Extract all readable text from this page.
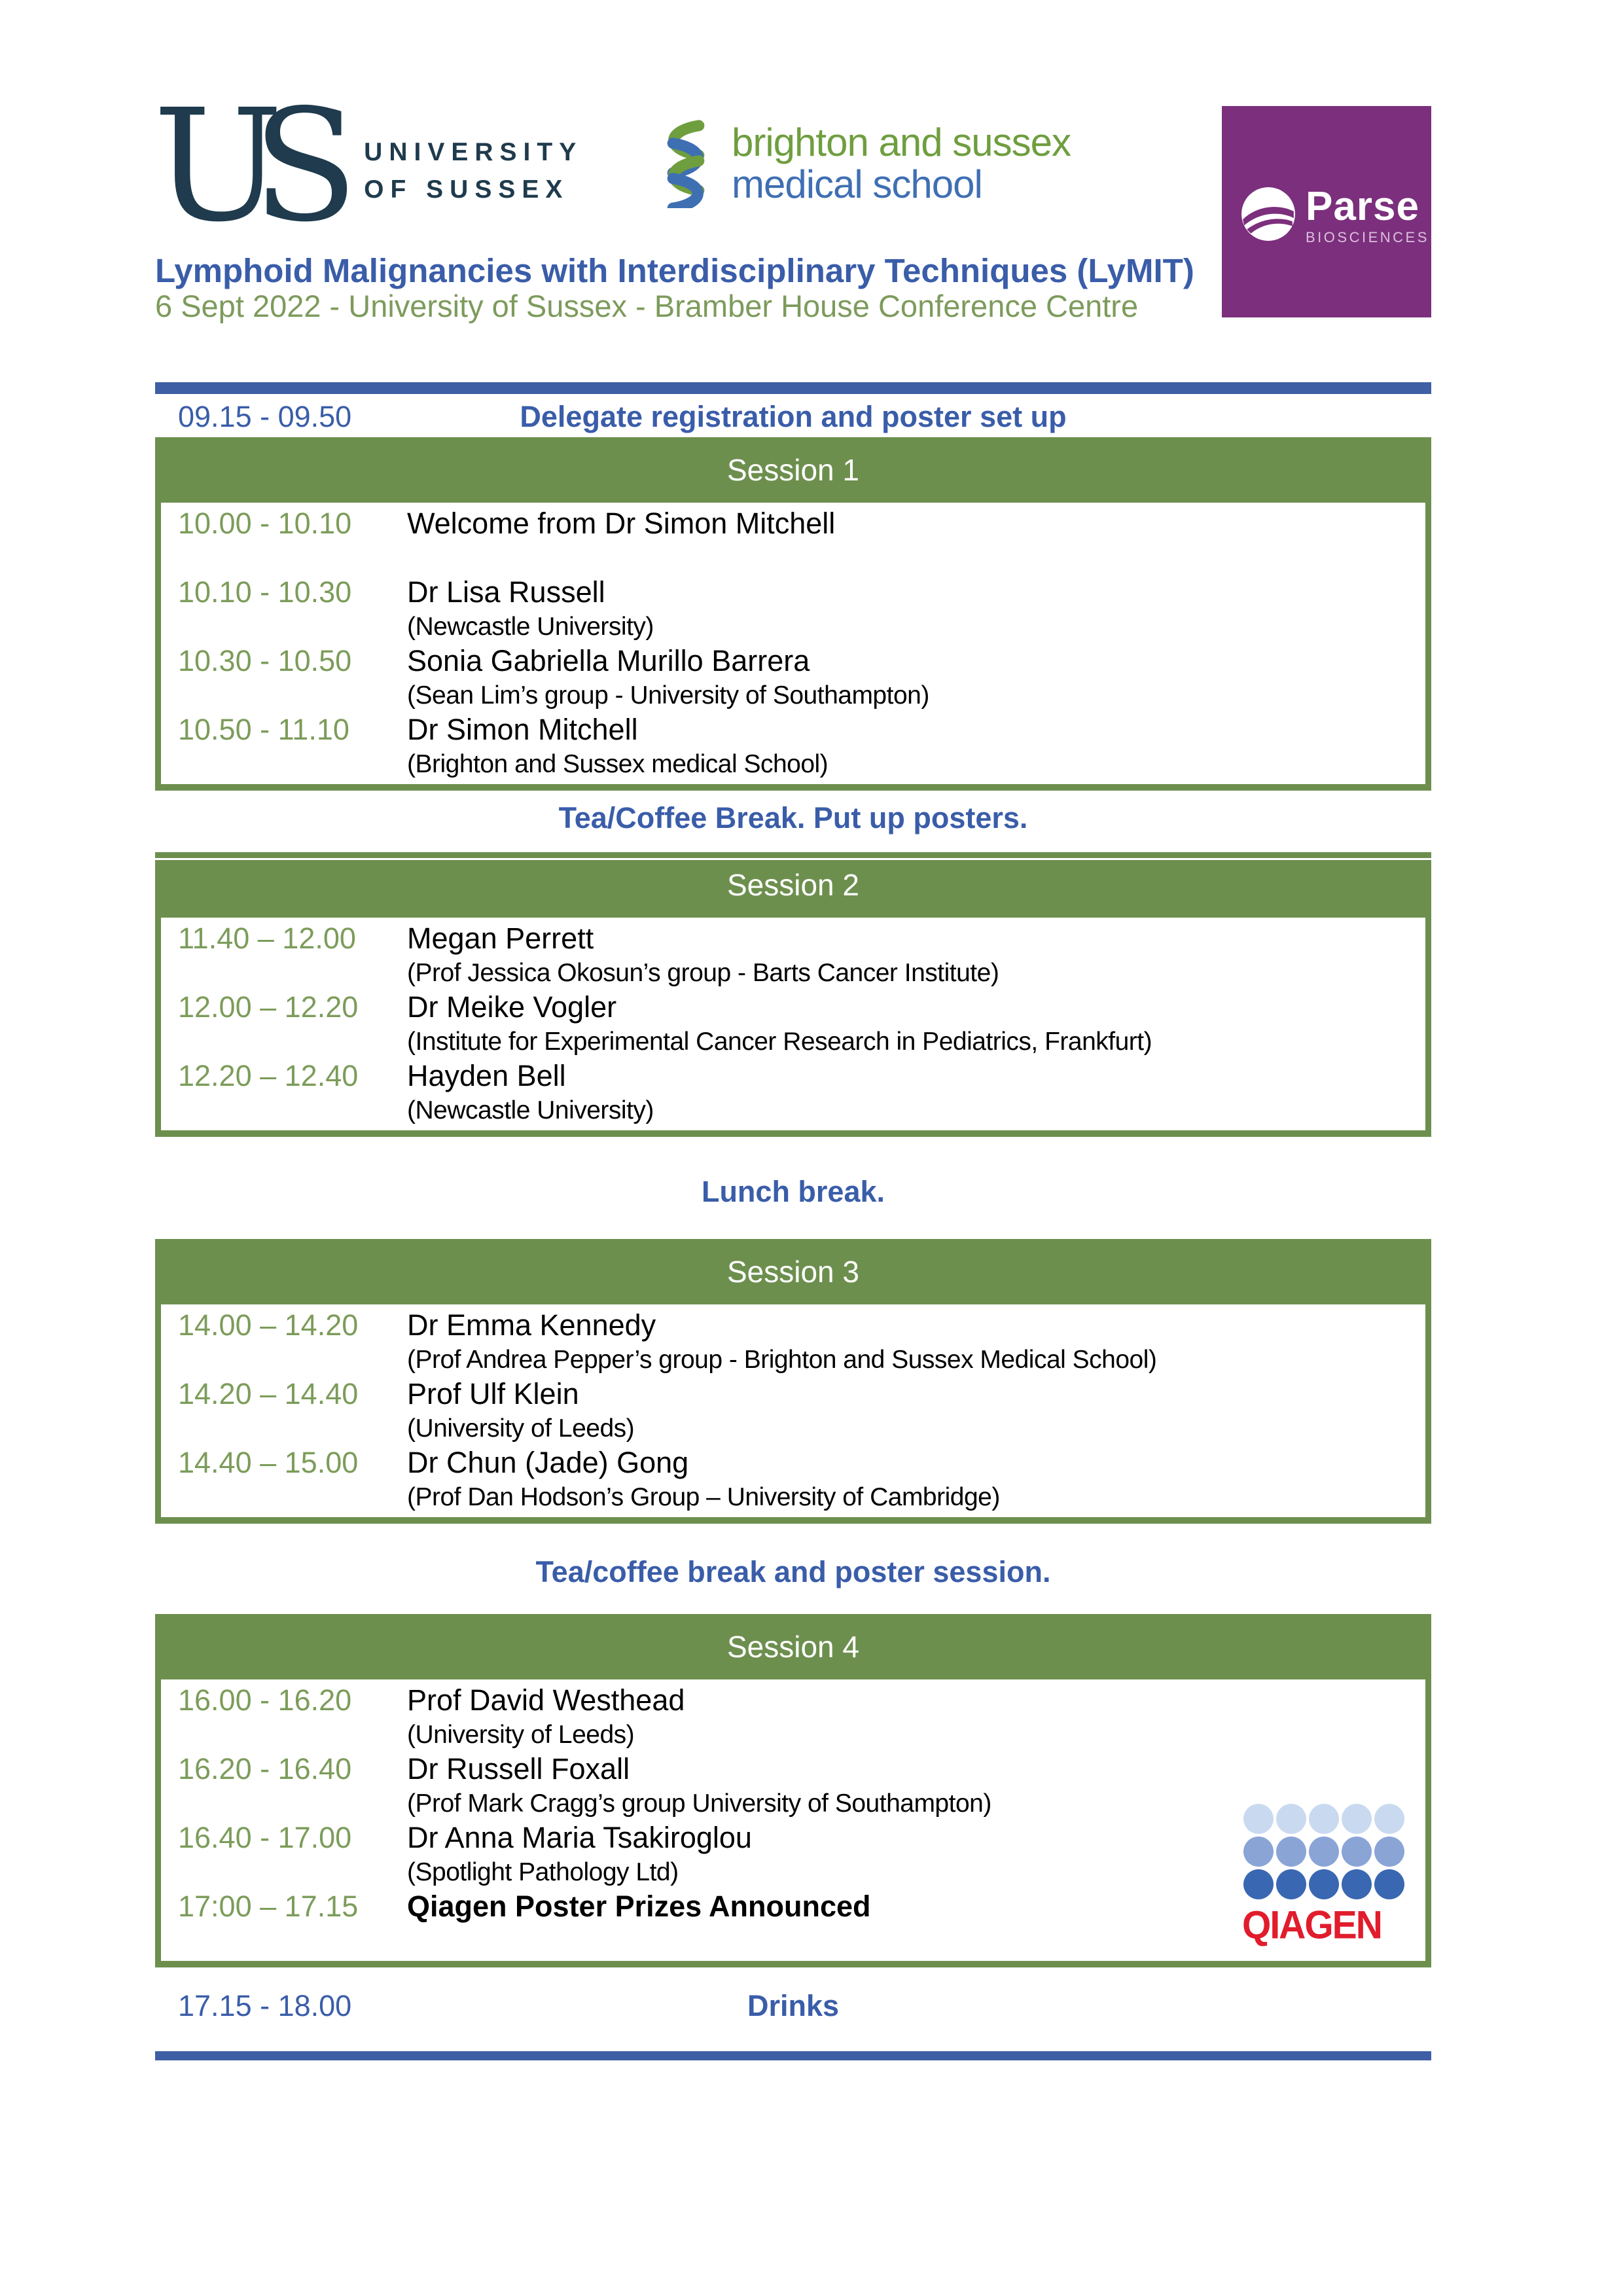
US	UNIVERSITY
OF SUSSEX
brighton and sussex
medical school	Parse
BIOSCIENCES
Lymphoid Malignancies with Interdisciplinary Techniques (LyMIT)
6 Sept 2022 - University of Sussex - Bramber House Conference Centre
09.15 - 09.50	Delegate registration and poster set up
Session 1
10.00 - 10.10	Welcome from Dr Simon Mitchell
10.10 - 10.30	Dr Lisa Russell
(Newcastle University)
10.30 - 10.50	Sonia Gabriella Murillo Barrera
(Sean Lim’s group - University of Southampton)
10.50 - 11.10	Dr Simon Mitchell
(Brighton and Sussex medical School)
Tea/Coffee Break. Put up posters.
Session 2
11.40 – 12.00	Megan Perrett
(Prof Jessica Okosun’s group - Barts Cancer Institute)
12.00 – 12.20	Dr Meike Vogler
(Institute for Experimental Cancer Research in Pediatrics, Frankfurt)
12.20 – 12.40	Hayden Bell
(Newcastle University)
Lunch break.
Session 3
14.00 – 14.20	Dr Emma Kennedy
(Prof Andrea Pepper’s group - Brighton and Sussex Medical School)
14.20 – 14.40	Prof Ulf Klein
(University of Leeds)
14.40 – 15.00	Dr Chun (Jade) Gong
(Prof Dan Hodson’s Group – University of Cambridge)
Tea/coffee break and poster session.
Session 4
16.00 - 16.20	Prof David Westhead
(University of Leeds)
16.20 - 16.40	Dr Russell Foxall
(Prof Mark Cragg’s group University of Southampton)
16.40 - 17.00	Dr Anna Maria Tsakiroglou
(Spotlight Pathology Ltd)
17:00 – 17.15	Qiagen Poster Prizes Announced	QIAGEN
17.15 - 18.00	Drinks
